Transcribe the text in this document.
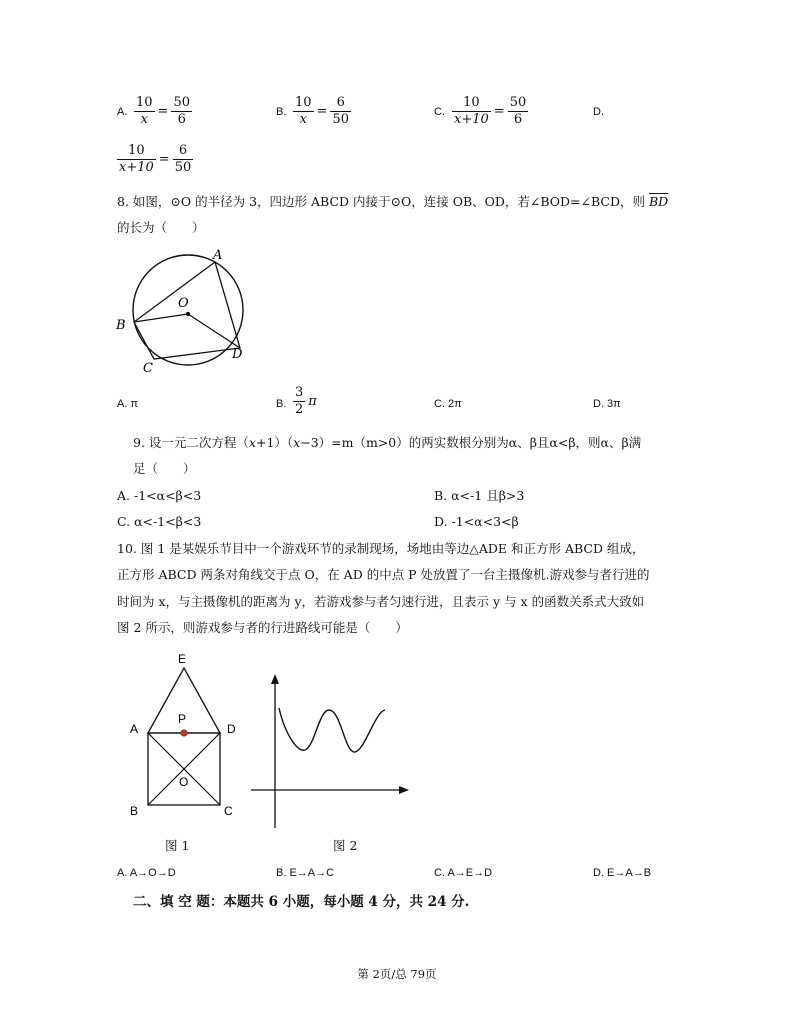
A. $\frac{10}{x} = \frac{50}{6}$	B. $\frac{10}{x} = \frac{6}{50}$	C. $\frac{10}{x+10} = \frac{50}{6}$	D.
$\frac{10}{x+10} = \frac{6}{50}$
8. 如图，⊙O 的半径为 3，四边形 ABCD 内接于⊙O，连接 OB、OD，若∠BOD=∠BCD，则 $\overline{BD}$
的长为（　　）
A
B
C
D
O
A. π	B. $\frac{3}{2}$ π	C. 2π	D. 3π
9. 设一元二次方程（x+1）（x−3）=m（m>0）的两实数根分别为α、β且α<β，则α、β满
足（　　）
A. -1<α<β<3	B. α<-1 且β>3
C. α<-1<β<3	D. -1<α<3<β
10. 图 1 是某娱乐节目中一个游戏环节的录制现场，场地由等边△ADE 和正方形 ABCD 组成，
正方形 ABCD 两条对角线交于点 O，在 AD 的中点 P 处放置了一台主摄像机.游戏参与者行进的
时间为 x，与主摄像机的距离为 y，若游戏参与者匀速行进，且表示 y 与 x 的函数关系式大致如
图 2 所示，则游戏参与者的行进路线可能是（　　）
E
A
P
D
O
B	C
图 1	图 2
A. A→O→D	B. E→A→C	C. A→E→D	D. E→A→B
二、填 空 题：本题共 6 小题，每小题 4 分，共 24 分.
第 2页/总 79页
